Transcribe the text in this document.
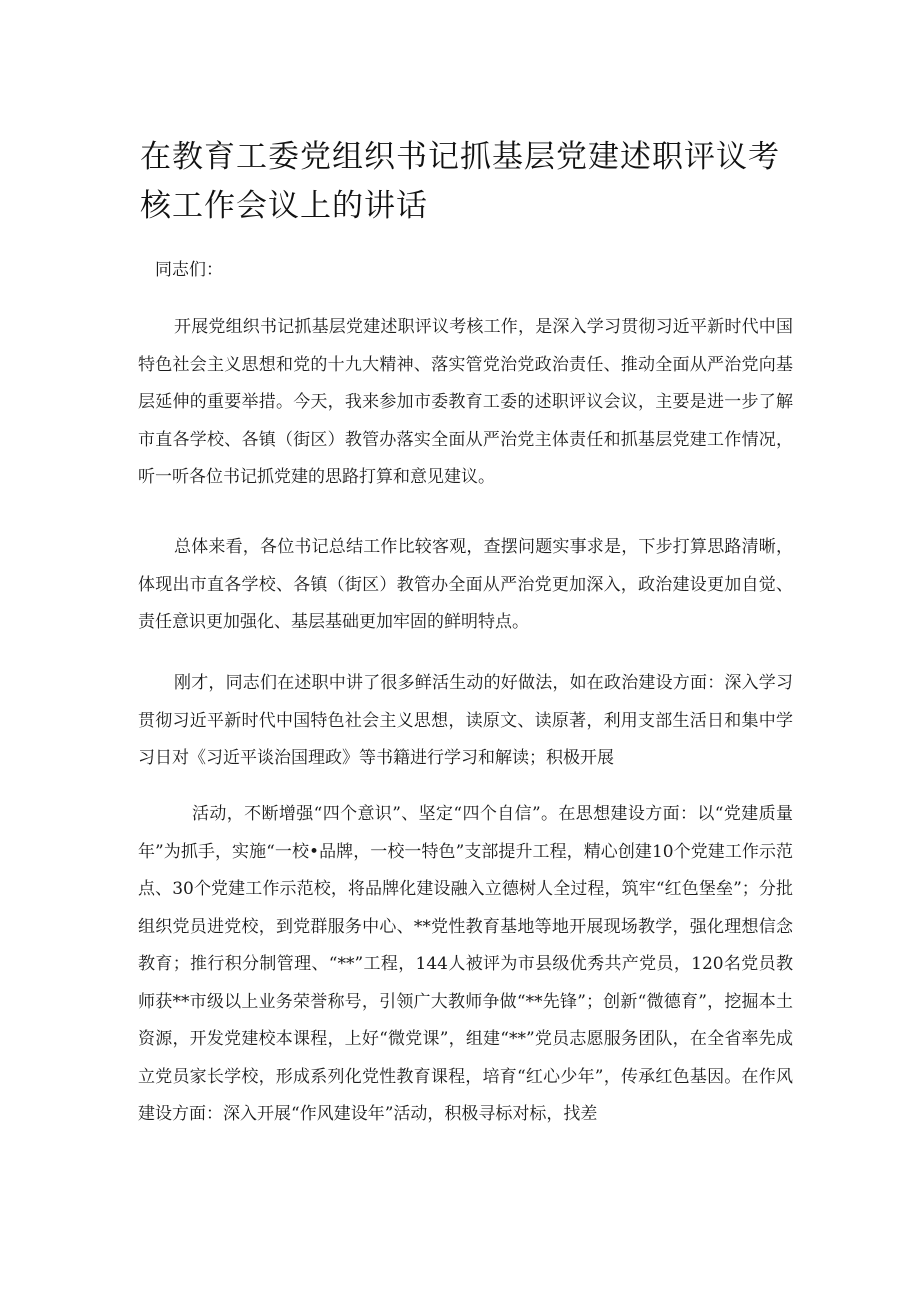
在教育工委党组织书记抓基层党建述职评议考核工作会议上的讲话

同志们：

开展党组织书记抓基层党建述职评议考核工作，是深入学习贯彻习近平新时代中国特色社会主义思想和党的十九大精神、落实管党治党政治责任、推动全面从严治党向基层延伸的重要举措。今天，我来参加市委教育工委的述职评议会议，主要是进一步了解市直各学校、各镇（街区）教管办落实全面从严治党主体责任和抓基层党建工作情况，听一听各位书记抓党建的思路打算和意见建议。

总体来看，各位书记总结工作比较客观，查摆问题实事求是，下步打算思路清晰，体现出市直各学校、各镇（街区）教管办全面从严治党更加深入，政治建设更加自觉、责任意识更加强化、基层基础更加牢固的鲜明特点。

刚才，同志们在述职中讲了很多鲜活生动的好做法，如在政治建设方面：深入学习贯彻习近平新时代中国特色社会主义思想，读原文、读原著，利用支部生活日和集中学习日对《习近平谈治国理政》等书籍进行学习和解读；积极开展

活动，不断增强“四个意识”、坚定“四个自信”。在思想建设方面：以“党建质量年”为抓手，实施“一校•品牌，一校一特色”支部提升工程，精心创建10个党建工作示范点、30个党建工作示范校，将品牌化建设融入立德树人全过程，筑牢“红色堡垒”；分批组织党员进党校，到党群服务中心、**党性教育基地等地开展现场教学，强化理想信念教育；推行积分制管理、“**”工程，144人被评为市县级优秀共产党员，120名党员教师获**市级以上业务荣誉称号，引领广大教师争做“**先锋”；创新“微德育”，挖掘本土资源，开发党建校本课程，上好“微党课”，组建“**”党员志愿服务团队，在全省率先成立党员家长学校，形成系列化党性教育课程，培育“红心少年”，传承红色基因。在作风建设方面：深入开展“作风建设年”活动，积极寻标对标，找差
